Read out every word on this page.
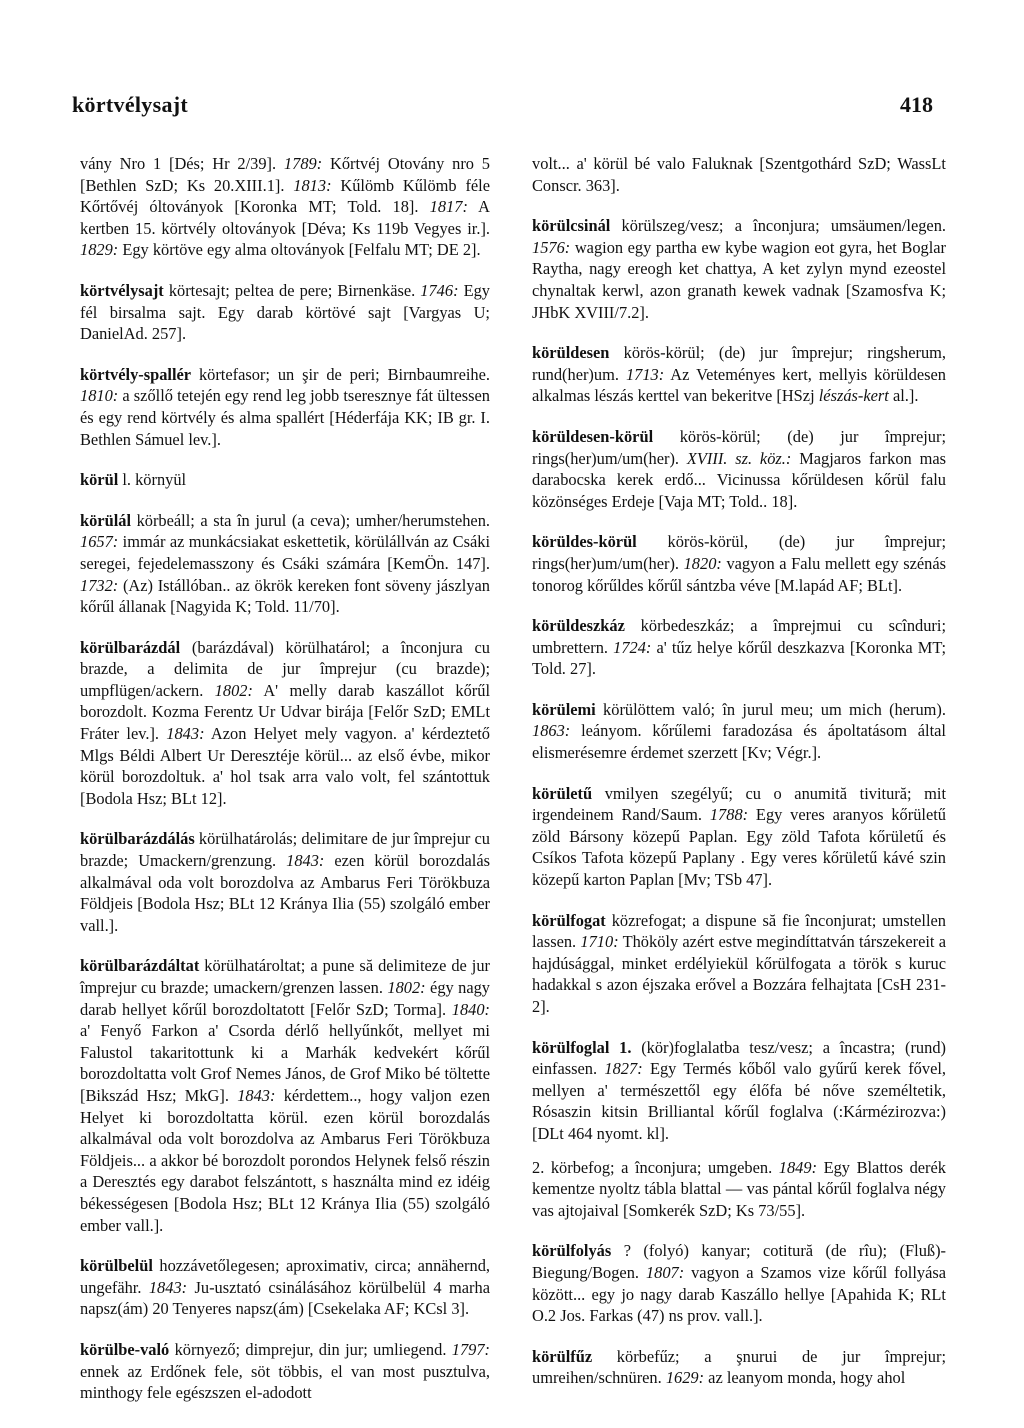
körtvélysajt	418

vány Nro 1 [Dés; Hr 2/39]. 1789: Kőrtvéj Otovány nro 5 [Bethlen SzD; Ks 20.XIII.1]. 1813: Kűlömb Kűlömb féle Kőrtővéj óltoványok [Koronka MT; Told. 18]. 1817: A kertben 15. körtvély oltoványok [Déva; Ks 119b Vegyes ir.]. 1829: Egy körtöve egy alma oltoványok [Felfalu MT; DE 2].

körtvélysajt körtesajt; peltea de pere; Birnenkäse. 1746: Egy fél birsalma sajt. Egy darab körtövé sajt [Vargyas U; DanielAd. 257].

körtvély-spallér körtefasor; un şir de peri; Birnbaumreihe. 1810: a szőllő tetején egy rend leg jobb tseresznye fát ültessen és egy rend körtvély és alma spallért [Héderfája KK; IB gr. I. Bethlen Sámuel lev.].

körül l. környül

körülál körbeáll; a sta în jurul (a ceva); umher/herumstehen. 1657: immár az munkácsiakat eskettetik, körülállván az Csáki seregei, fejedelemasszony és Csáki számára [KemÖn. 147]. 1732: (Az) Istállóban.. az ökrök kereken font söveny jászlyan kőrűl állanak [Nagyida K; Told. 11/70].

körülbarázdál (barázdával) körülhatárol; a înconjura cu brazde, a delimita de jur împrejur (cu brazde); umpflügen/ackern. 1802: A' melly darab kaszállot kőrűl borozdolt. Kozma Ferentz Ur Udvar birája [Felőr SzD; EMLt Fráter lev.]. 1843: Azon Helyet mely vagyon. a' kérdeztető Mlgs Béldi Albert Ur Deresztéje körül... az első évbe, mikor körül borozdoltuk. a' hol tsak arra valo volt, fel szántottuk [Bodola Hsz; BLt 12].

körülbarázdálás körülhatárolás; delimitare de jur împrejur cu brazde; Umackern/grenzung. 1843: ezen körül borozdalás alkalmával oda volt borozdolva az Ambarus Feri Törökbuza Földjeis [Bodola Hsz; BLt 12 Kránya Ilia (55) szolgáló ember vall.].

körülbarázdáltat körülhatároltat; a pune să delimiteze de jur împrejur cu brazde; umackern/grenzen lassen. 1802: égy nagy darab hellyet kőrűl borozdoltatott [Felőr SzD; Torma]. 1840: a' Fenyő Farkon a' Csorda dérlő hellyűnkőt, mellyet mi Falustol takaritottunk ki a Marhák kedvekért kőrűl borozdoltatta volt Grof Nemes János, de Grof Miko bé töltette [Bikszád Hsz; MkG]. 1843: kérdettem.., hogy valjon ezen Helyet ki borozdoltatta körül. ezen körül borozdalás alkalmával oda volt borozdolva az Ambarus Feri Törökbuza Földjeis... a akkor bé borozdolt porondos Helynek felső részin a Deresztés egy darabot felszántott, s használta mind ez idéig békességesen [Bodola Hsz; BLt 12 Kránya Ilia (55) szolgáló ember vall.].

körülbelül hozzávetőlegesen; aproximativ, circa; annähernd, ungefähr. 1843: Ju-usztató csinálásához körülbelül 4 marha napsz(ám) 20 Tenyeres napsz(ám) [Csekelaka AF; KCsl 3].

körülbe-való környező; dimprejur, din jur; umliegend. 1797: ennek az Erdőnek fele, söt többis, el van most pusztulva, minthogy fele egészszen el-adodott

volt... a' körül bé valo Faluknak [Szentgothárd SzD; WassLt Conscr. 363].

körülcsinál körülszeg/vesz; a înconjura; umsäumen/legen. 1576: wagion egy partha ew kybe wagion eot gyra, het Boglar Raytha, nagy ereogh ket chattya, A ket zylyn mynd ezeostel chynaltak kerwl, azon granath kewek vadnak [Szamosfva K; JHbK XVIII/7.2].

körüldesen körös-körül; (de) jur împrejur; ringsherum, rund(her)um. 1713: Az Veteményes kert, mellyis körüldesen alkalmas lészás kerttel van bekeritve [HSzj lészás-kert al.].

körüldesen-körül körös-körül; (de) jur împrejur; rings(her)um/um(her). XVIII. sz. köz.: Magjaros farkon mas darabocska kerek erdő... Vicinussa kőrüldesen kőrül falu közönséges Erdeje [Vaja MT; Told.. 18].

körüldes-körül körös-körül, (de) jur împrejur; rings(her)um/um(her). 1820: vagyon a Falu mellett egy szénás tonorog kőrűldes kőrűl sántzba véve [M.lapád AF; BLt].

körüldeszkáz körbedeszkáz; a împrejmui cu scînduri; umbrettern. 1724: a' tűz helye kőrűl deszkazva [Koronka MT; Told. 27].

körülemi körülöttem való; în jurul meu; um mich (herum). 1863: leányom. kőrűlemi faradozása és ápoltatásom által elismerésemre érdemet szerzett [Kv; Végr.].

körületű vmilyen szegélyű; cu o anumită tivitură; mit irgendeinem Rand/Saum. 1788: Egy veres aranyos kőrületű zöld Bársony közepű Paplan. Egy zöld Tafota kőrületű és Csíkos Tafota közepű Paplany . Egy veres kőrületű kávé szin közepű karton Paplan [Mv; TSb 47].

körülfogat közrefogat; a dispune să fie înconjurat; umstellen lassen. 1710: Thököly azért estve megindíttatván társzekereit a hajdúsággal, minket erdélyiekül kőrülfogata a török s kuruc hadakkal s azon éjszaka erővel a Bozzára felhajtata [CsH 231-2].

körülfoglal 1. (kör)foglalatba tesz/vesz; a încastra; (rund) einfassen. 1827: Egy Termés kőből valo gyűrű kerek fővel, mellyen a' természettől egy élőfa bé nőve személtetik, Rósaszin kitsin Brilliantal kőrűl foglalva (:Kármézirozva:) [DLt 464 nyomt. kl].

2. körbefog; a înconjura; umgeben. 1849: Egy Blattos derék kementze nyoltz tábla blattal — vas pántal kőrűl foglalva négy vas ajtojaival [Somkerék SzD; Ks 73/55].

körülfolyás ? (folyó) kanyar; cotitură (de rîu); (Fluß)-Biegung/Bogen. 1807: vagyon a Szamos vize kőrűl follyása között... egy jo nagy darab Kaszállo hellye [Apahida K; RLt O.2 Jos. Farkas (47) ns prov. vall.].

körülfűz körbefűz; a şnurui de jur împrejur; umreihen/schnüren. 1629: az leanyom monda, hogy ahol
